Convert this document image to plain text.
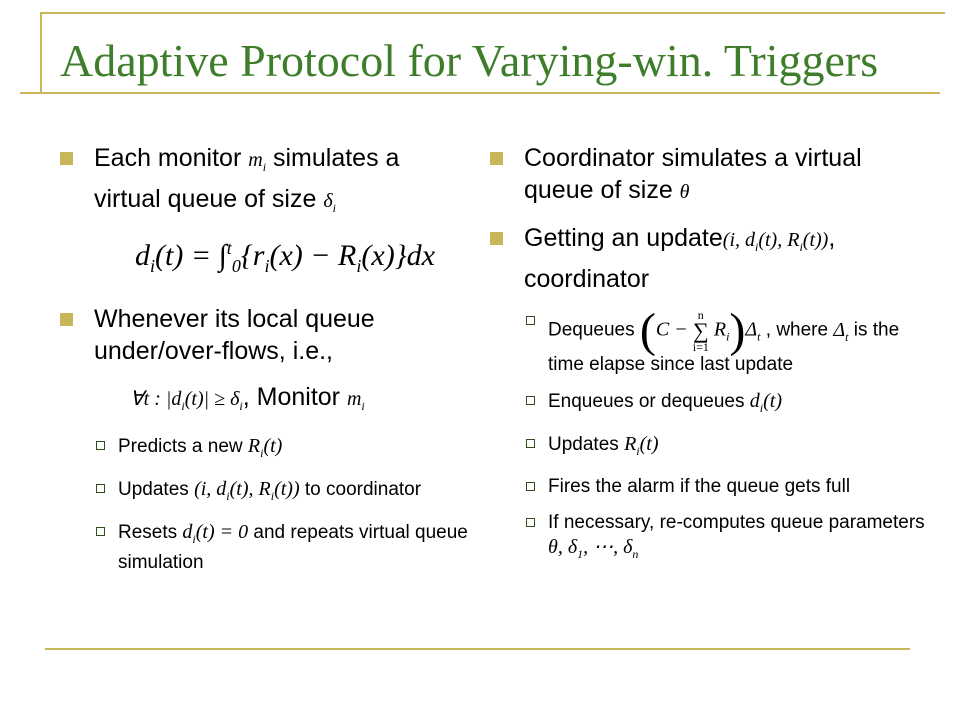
Adaptive Protocol for Varying-win. Triggers
Each monitor $m_i$ simulates a virtual queue of size $\delta_i$
$d_i(t) = \int^t_0\{r_i(x) - R_i(x)\}dx$
Whenever its local queue under/over-flows, i.e.,
∀t : $|d_i(t)| \ge \delta_i$, Monitor $m_i$
Predicts a new $R_i(t)$
Updates (i, $d_i(t)$, $R_i(t)$) to coordinator
Resets $d_i(t) = 0$ and repeats virtual queue simulation
Coordinator simulates a virtual queue of size θ
Getting an update(i, $d_i(t)$, $R_i(t)$), coordinator
Dequeues (C − n
∑
i=1 $R_i)\Delta_t$ , where $\Delta_t$ is the time elapse since last update
Enqueues or dequeues $d_i(t)$
Updates $R_i(t)$
Fires the alarm if the queue gets full
If necessary, re-computes queue parameters θ, $\delta_1$, ⋯, $\delta_n$
